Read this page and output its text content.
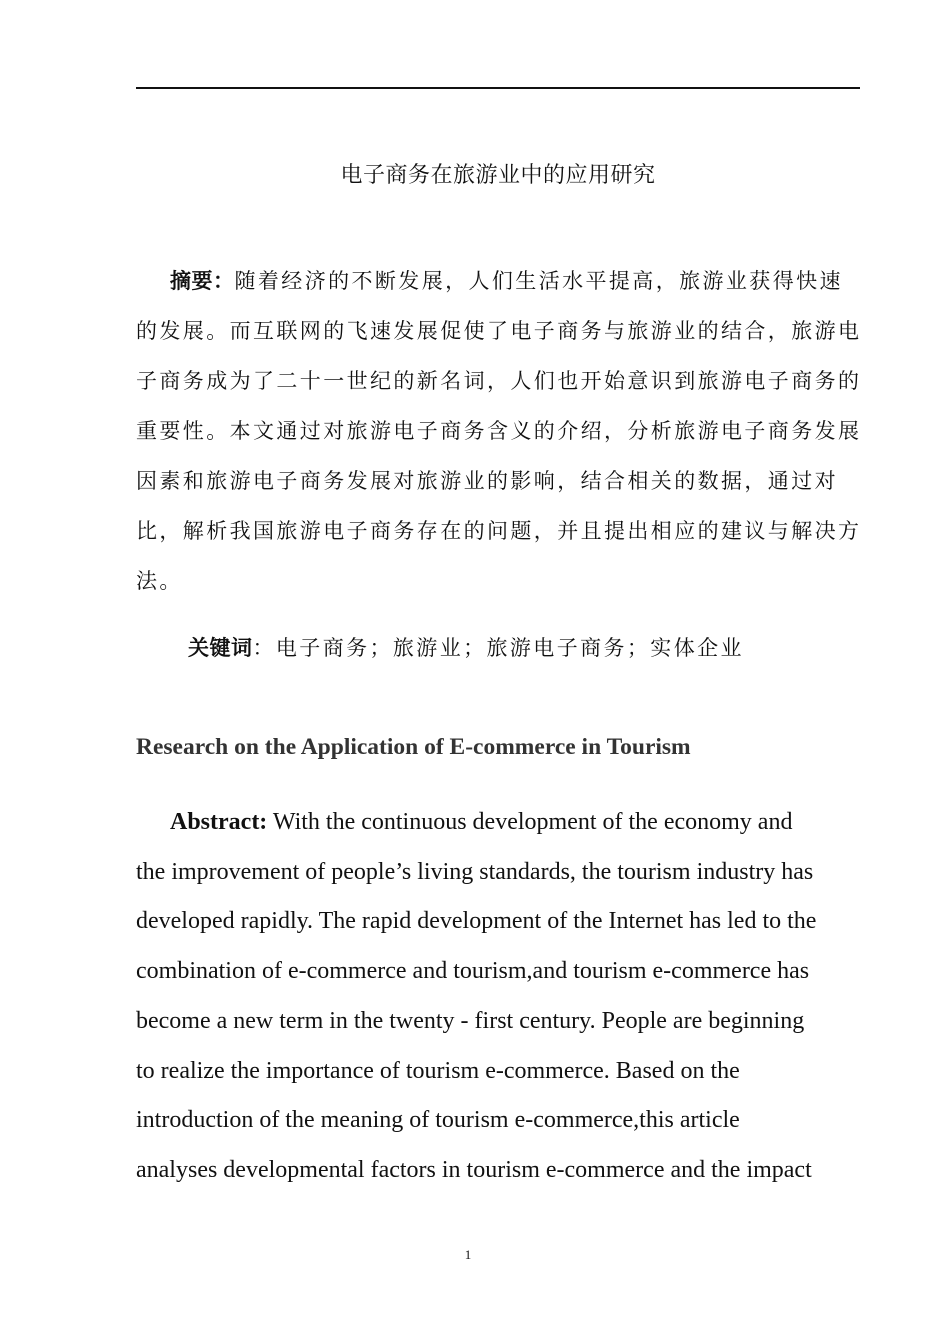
电子商务在旅游业中的应用研究

摘要：随着经济的不断发展，人们生活水平提高，旅游业获得快速的发展。而互联网的飞速发展促使了电子商务与旅游业的结合，旅游电子商务成为了二十一世纪的新名词，人们也开始意识到旅游电子商务的重要性。本文通过对旅游电子商务含义的介绍，分析旅游电子商务发展因素和旅游电子商务发展对旅游业的影响，结合相关的数据，通过对比，解析我国旅游电子商务存在的问题，并且提出相应的建议与解决方法。

关键词：电子商务；旅游业；旅游电子商务；实体企业

Research on the Application of E-commerce in Tourism

Abstract: With the continuous development of the economy and
the improvement of people’s living standards, the tourism industry has
developed rapidly. The rapid development of the Internet has led to the
combination of e-commerce and tourism,and tourism e-commerce has
become a new term in the twenty - first century. People are beginning
to realize the importance of tourism e-commerce. Based on the
introduction of the meaning of tourism e-commerce,this article
analyses developmental factors in tourism e-commerce and the impact

1
